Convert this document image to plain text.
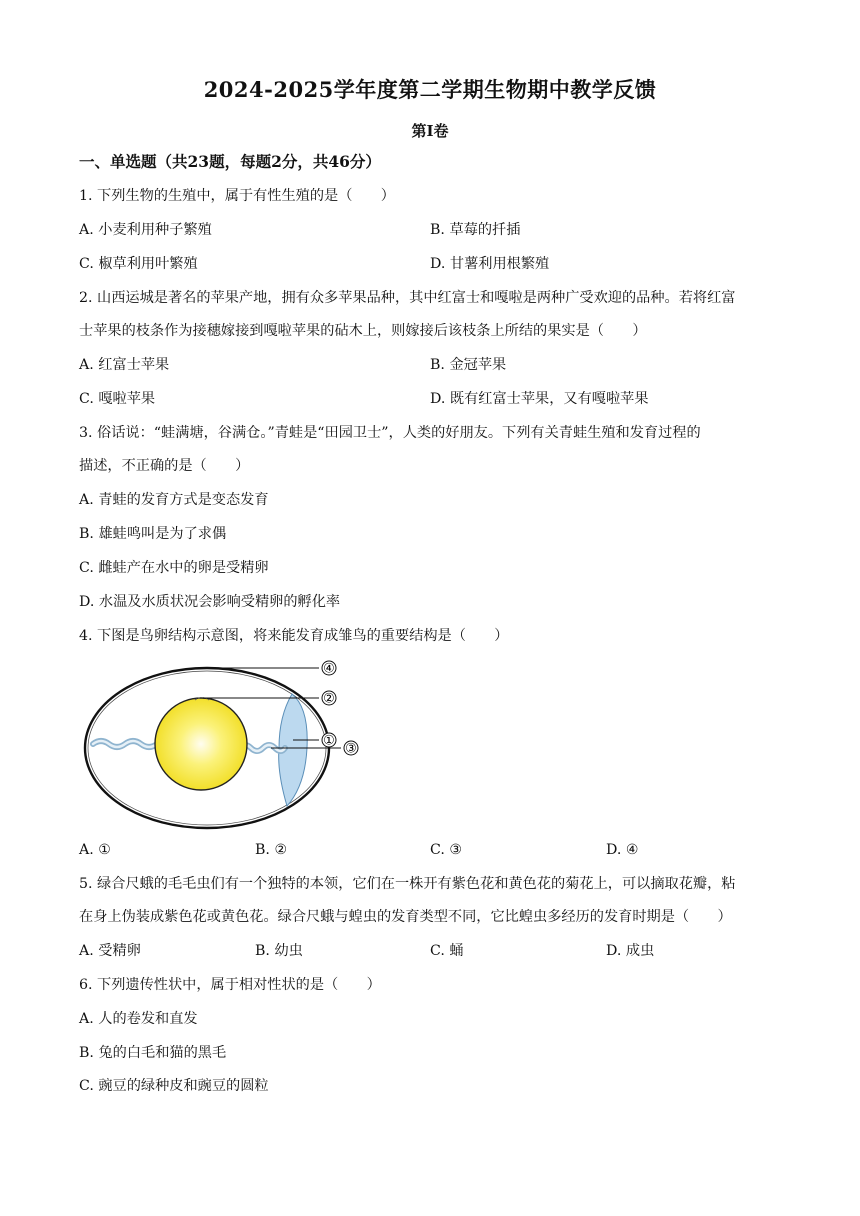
2024-2025学年度第二学期生物期中教学反馈
第Ⅰ卷
一、单选题（共23题，每题2分，共46分）
1. 下列生物的生殖中，属于有性生殖的是（　　）
A. 小麦利用种子繁殖	B. 草莓的扦插
C. 椒草利用叶繁殖	D. 甘薯利用根繁殖
2. 山西运城是著名的苹果产地，拥有众多苹果品种，其中红富士和嘎啦是两种广受欢迎的品种。若将红富
士苹果的枝条作为接穗嫁接到嘎啦苹果的砧木上，则嫁接后该枝条上所结的果实是（　　）
A. 红富士苹果	B. 金冠苹果
C. 嘎啦苹果	D. 既有红富士苹果，又有嘎啦苹果
3. 俗话说：“蛙满塘，谷满仓。”青蛙是“田园卫士”，人类的好朋友。下列有关青蛙生殖和发育过程的
描述，不正确的是（　　）
A. 青蛙的发育方式是变态发育
B. 雄蛙鸣叫是为了求偶
C. 雌蛙产在水中的卵是受精卵
D. 水温及水质状况会影响受精卵的孵化率
4. 下图是鸟卵结构示意图，将来能发育成雏鸟的重要结构是（　　）
④
②
①
③
A. ①	B. ②	C. ③	D. ④
5. 绿合尺蛾的毛毛虫们有一个独特的本领，它们在一株开有紫色花和黄色花的菊花上，可以摘取花瓣，粘
在身上伪装成紫色花或黄色花。绿合尺蛾与蝗虫的发育类型不同，它比蝗虫多经历的发育时期是（　　）
A. 受精卵	B. 幼虫	C. 蛹	D. 成虫
6. 下列遗传性状中，属于相对性状的是（　　）
A. 人的卷发和直发
B. 兔的白毛和猫的黑毛
C. 豌豆的绿种皮和豌豆的圆粒
